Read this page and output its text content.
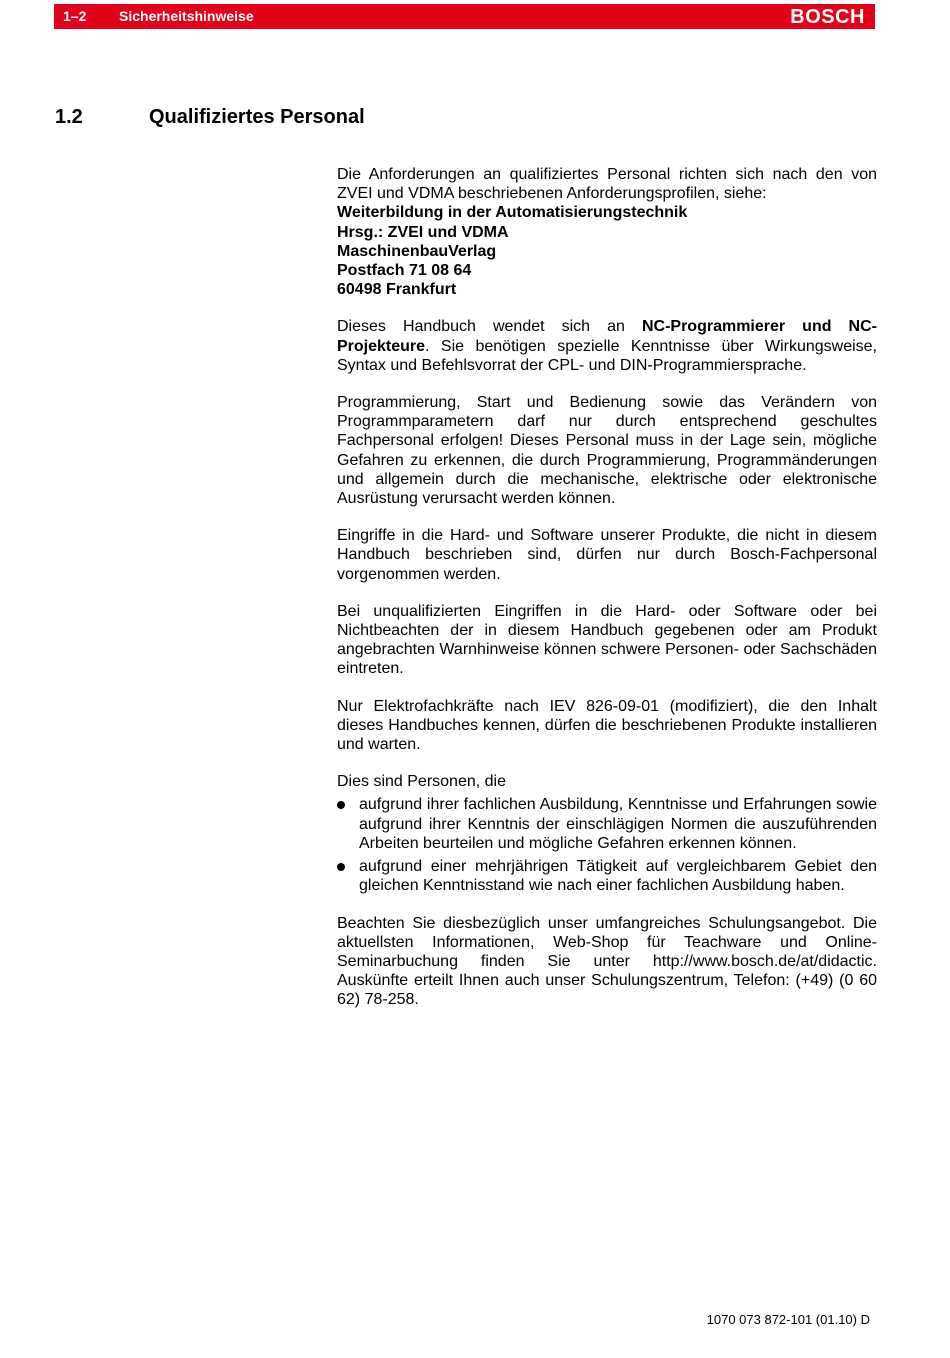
1–2 Sicherheitshinweise	BOSCH
1.2	Qualifiziertes Personal

Die Anforderungen an qualifiziertes Personal richten sich nach den von ZVEI und VDMA beschriebenen Anforderungsprofilen, siehe:
Weiterbildung in der Automatisierungstechnik
Hrsg.: ZVEI und VDMA
MaschinenbauVerlag
Postfach 71 08 64
60498 Frankfurt

Dieses Handbuch wendet sich an NC-Programmierer und NC-Projekteure. Sie benötigen spezielle Kenntnisse über Wirkungsweise, Syntax und Befehlsvorrat der CPL- und DIN-Programmiersprache.

Programmierung, Start und Bedienung sowie das Verändern von Programmparametern darf nur durch entsprechend geschultes Fachpersonal erfolgen! Dieses Personal muss in der Lage sein, mögliche Gefahren zu erkennen, die durch Programmierung, Programmänderungen und allgemein durch die mechanische, elektrische oder elektronische Ausrüstung verursacht werden können.

Eingriffe in die Hard- und Software unserer Produkte, die nicht in diesem Handbuch beschrieben sind, dürfen nur durch Bosch-Fachpersonal vorgenommen werden.

Bei unqualifizierten Eingriffen in die Hard- oder Software oder bei Nichtbeachten der in diesem Handbuch gegebenen oder am Produkt angebrachten Warnhinweise können schwere Personen- oder Sachschäden eintreten.

Nur Elektrofachkräfte nach IEV 826-09-01 (modifiziert), die den Inhalt dieses Handbuches kennen, dürfen die beschriebenen Produkte installieren und warten.

Dies sind Personen, die

aufgrund ihrer fachlichen Ausbildung, Kenntnisse und Erfahrungen sowie aufgrund ihrer Kenntnis der einschlägigen Normen die auszuführenden Arbeiten beurteilen und mögliche Gefahren erkennen können.
aufgrund einer mehrjährigen Tätigkeit auf vergleichbarem Gebiet den gleichen Kenntnisstand wie nach einer fachlichen Ausbildung haben.

Beachten Sie diesbezüglich unser umfangreiches Schulungsangebot. Die aktuellsten Informationen, Web-Shop für Teachware und Online-Seminarbuchung finden Sie unter http://www.bosch.de/at/didactic. Auskünfte erteilt Ihnen auch unser Schulungszentrum, Telefon: (+49) (0 60 62) 78-258.

1070 073 872-101 (01.10) D
